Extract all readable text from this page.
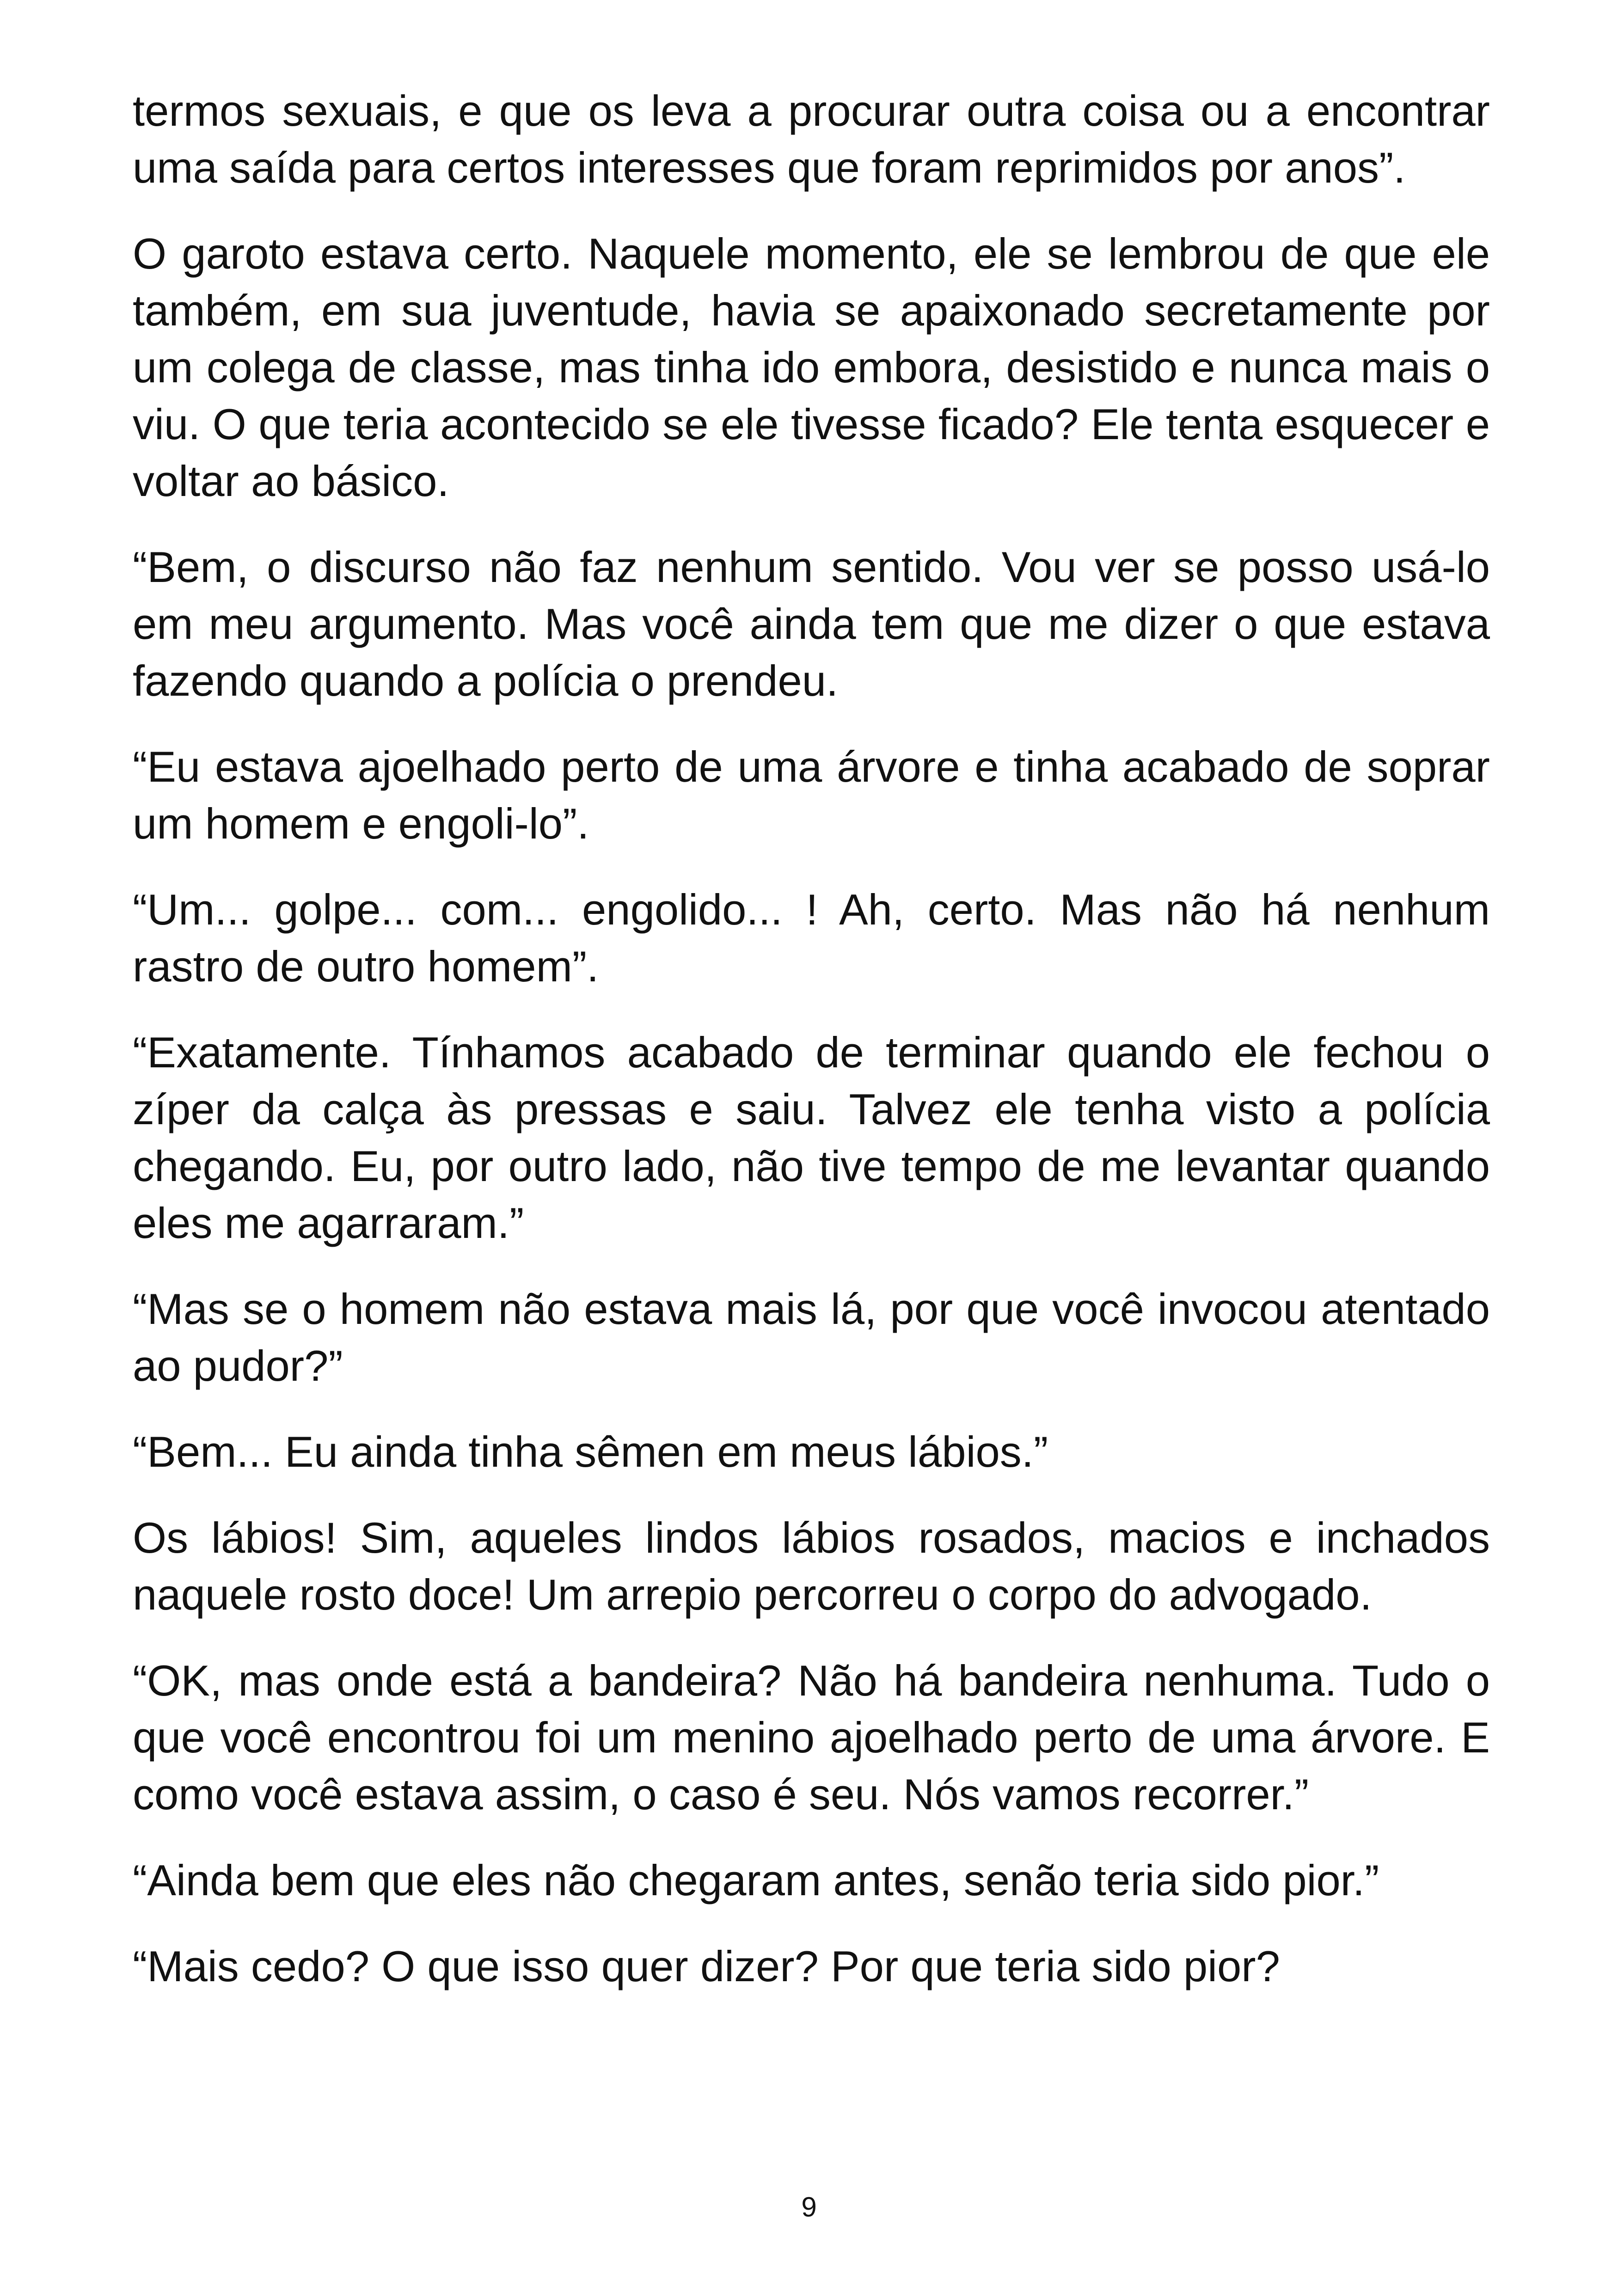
termos sexuais, e que os leva a procurar outra coisa ou a encontrar uma saída para certos interesses que foram reprimidos por anos”.

O garoto estava certo. Naquele momento, ele se lembrou de que ele também, em sua juventude, havia se apaixonado secretamente por um colega de classe, mas tinha ido embora, desistido e nunca mais o viu. O que teria acontecido se ele tivesse ficado? Ele tenta esquecer e voltar ao básico.

“Bem, o discurso não faz nenhum sentido. Vou ver se posso usá-lo em meu argumento. Mas você ainda tem que me dizer o que estava fazendo quando a polícia o prendeu.

“Eu estava ajoelhado perto de uma árvore e tinha acabado de soprar um homem e engoli-lo”.

“Um... golpe... com... engolido... ! Ah, certo. Mas não há nenhum rastro de outro homem”.

“Exatamente. Tínhamos acabado de terminar quando ele fechou o zíper da calça às pressas e saiu. Talvez ele tenha visto a polícia chegando. Eu, por outro lado, não tive tempo de me levantar quando eles me agarraram.”

“Mas se o homem não estava mais lá, por que você invocou atentado ao pudor?”

“Bem... Eu ainda tinha sêmen em meus lábios.”

Os lábios! Sim, aqueles lindos lábios rosados, macios e inchados naquele rosto doce! Um arrepio percorreu o corpo do advogado.

“OK, mas onde está a bandeira? Não há bandeira nenhuma. Tudo o que você encontrou foi um menino ajoelhado perto de uma árvore. E como você estava assim, o caso é seu. Nós vamos recorrer.”

“Ainda bem que eles não chegaram antes, senão teria sido pior.”

“Mais cedo? O que isso quer dizer? Por que teria sido pior?

9
